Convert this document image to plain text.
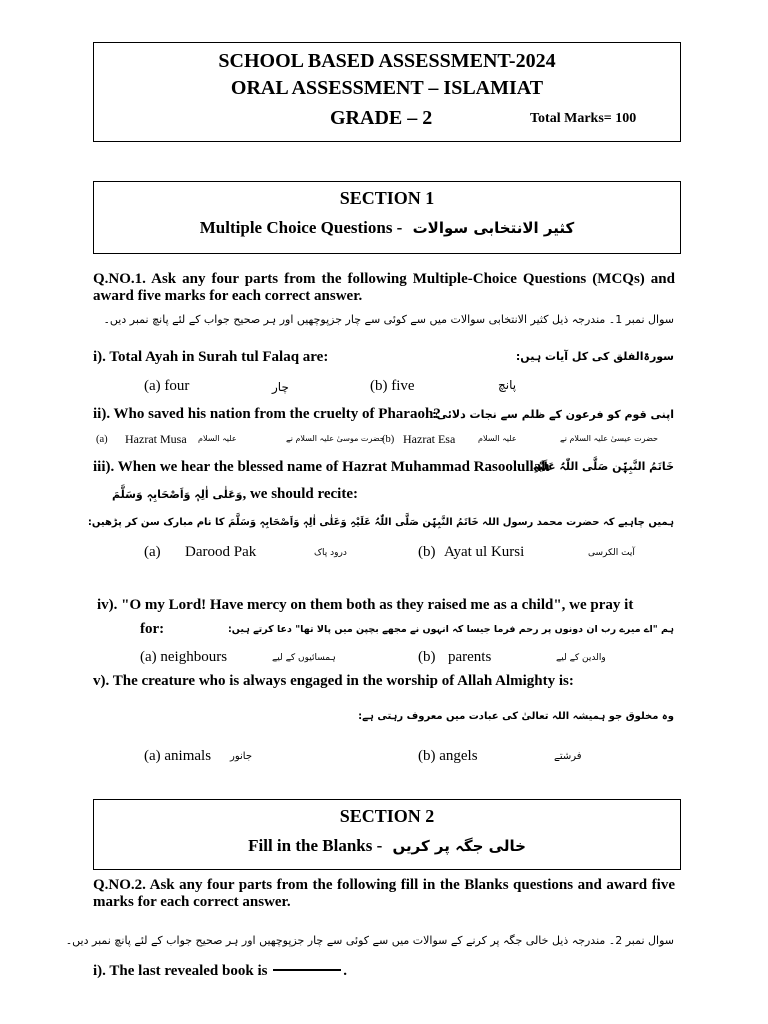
SCHOOL BASED ASSESSMENT-2024
ORAL ASSESSMENT – ISLAMIAT
GRADE – 2	Total Marks= 100
SECTION 1
Multiple Choice Questions - کثیر الانتخابی سوالات
Q.NO.1. Ask any four parts from the following Multiple-Choice Questions (MCQs) and award five marks for each correct answer.
سوال نمبر 1۔ مندرجہ ذیل کثیر الانتخابی سوالات میں سے کوئی سے چار جزپوچھیں اور ہر صحیح جواب کے لئے پانچ نمبر دیں۔
i). Total Ayah in Surah tul Falaq are:	سورۃالفلق کی کل آیات ہیں:
(a) four	چار	(b) five	پانچ
ii). Who saved his nation from the cruelty of Pharaoh?
اپنی قوم کو فرعون کے ظلم سے نجات دلائی:
(a) Hazrat Musa علیہ السلام	حضرت موسیٰ علیہ السلام نے
(b) Hazrat Esa	علیہ السلام	حضرت عیسیٰ علیہ السلام نے
iii). When we hear the blessed name of Hazrat Muhammad Rasoolullah
خَاتَمُ النَّبِیّٖن صَلَّی اللّٰہُ عَلَیْہِ
وَعَلٰی اٰلِہٖ وَاَصْحَابِہٖ وَسَلَّمَ, we should recite:
ہمیں چاہیے کہ حضرت محمد رسول اللہ خَاتَمُ النَّبِیّٖن صَلَّی اللّٰہُ عَلَیْہِ وَعَلٰی اٰلِہٖ وَاَصْحَابِہٖ وَسَلَّمَ کا نام مبارک سن کر پڑھیں:
(a) Darood Pak	درود پاک	(b) Ayat ul Kursi	آیت الکرسی
iv). "O my Lord! Have mercy on them both as they raised me as a child", we pray it
for:	ہم "اے میرے رب ان دونوں پر رحم فرما جیسا کہ انہوں نے مجھے بچپن میں پالا تھا" دعا کرتے ہیں:
(a) neighbours	ہمسائیوں کے لیے	(b) parents	والدین کے لیے
v). The creature who is always engaged in the worship of Allah Almighty is:
وہ مخلوق جو ہمیشہ اللہ تعالیٰ کی عبادت میں معروف رہتی ہے:
(a) animals جانور	(b) angels	فرشتے
SECTION 2
Fill in the Blanks - خالی جگہ پر کریں
Q.NO.2. Ask any four parts from the following fill in the Blanks questions and award five marks for each correct answer.
سوال نمبر 2۔ مندرجہ ذیل خالی جگہ پر کرنے کے سوالات میں سے کوئی سے چار جزپوچھیں اور ہر صحیح جواب کے لئے پانچ نمبر دیں۔
i). The last revealed book is	.
